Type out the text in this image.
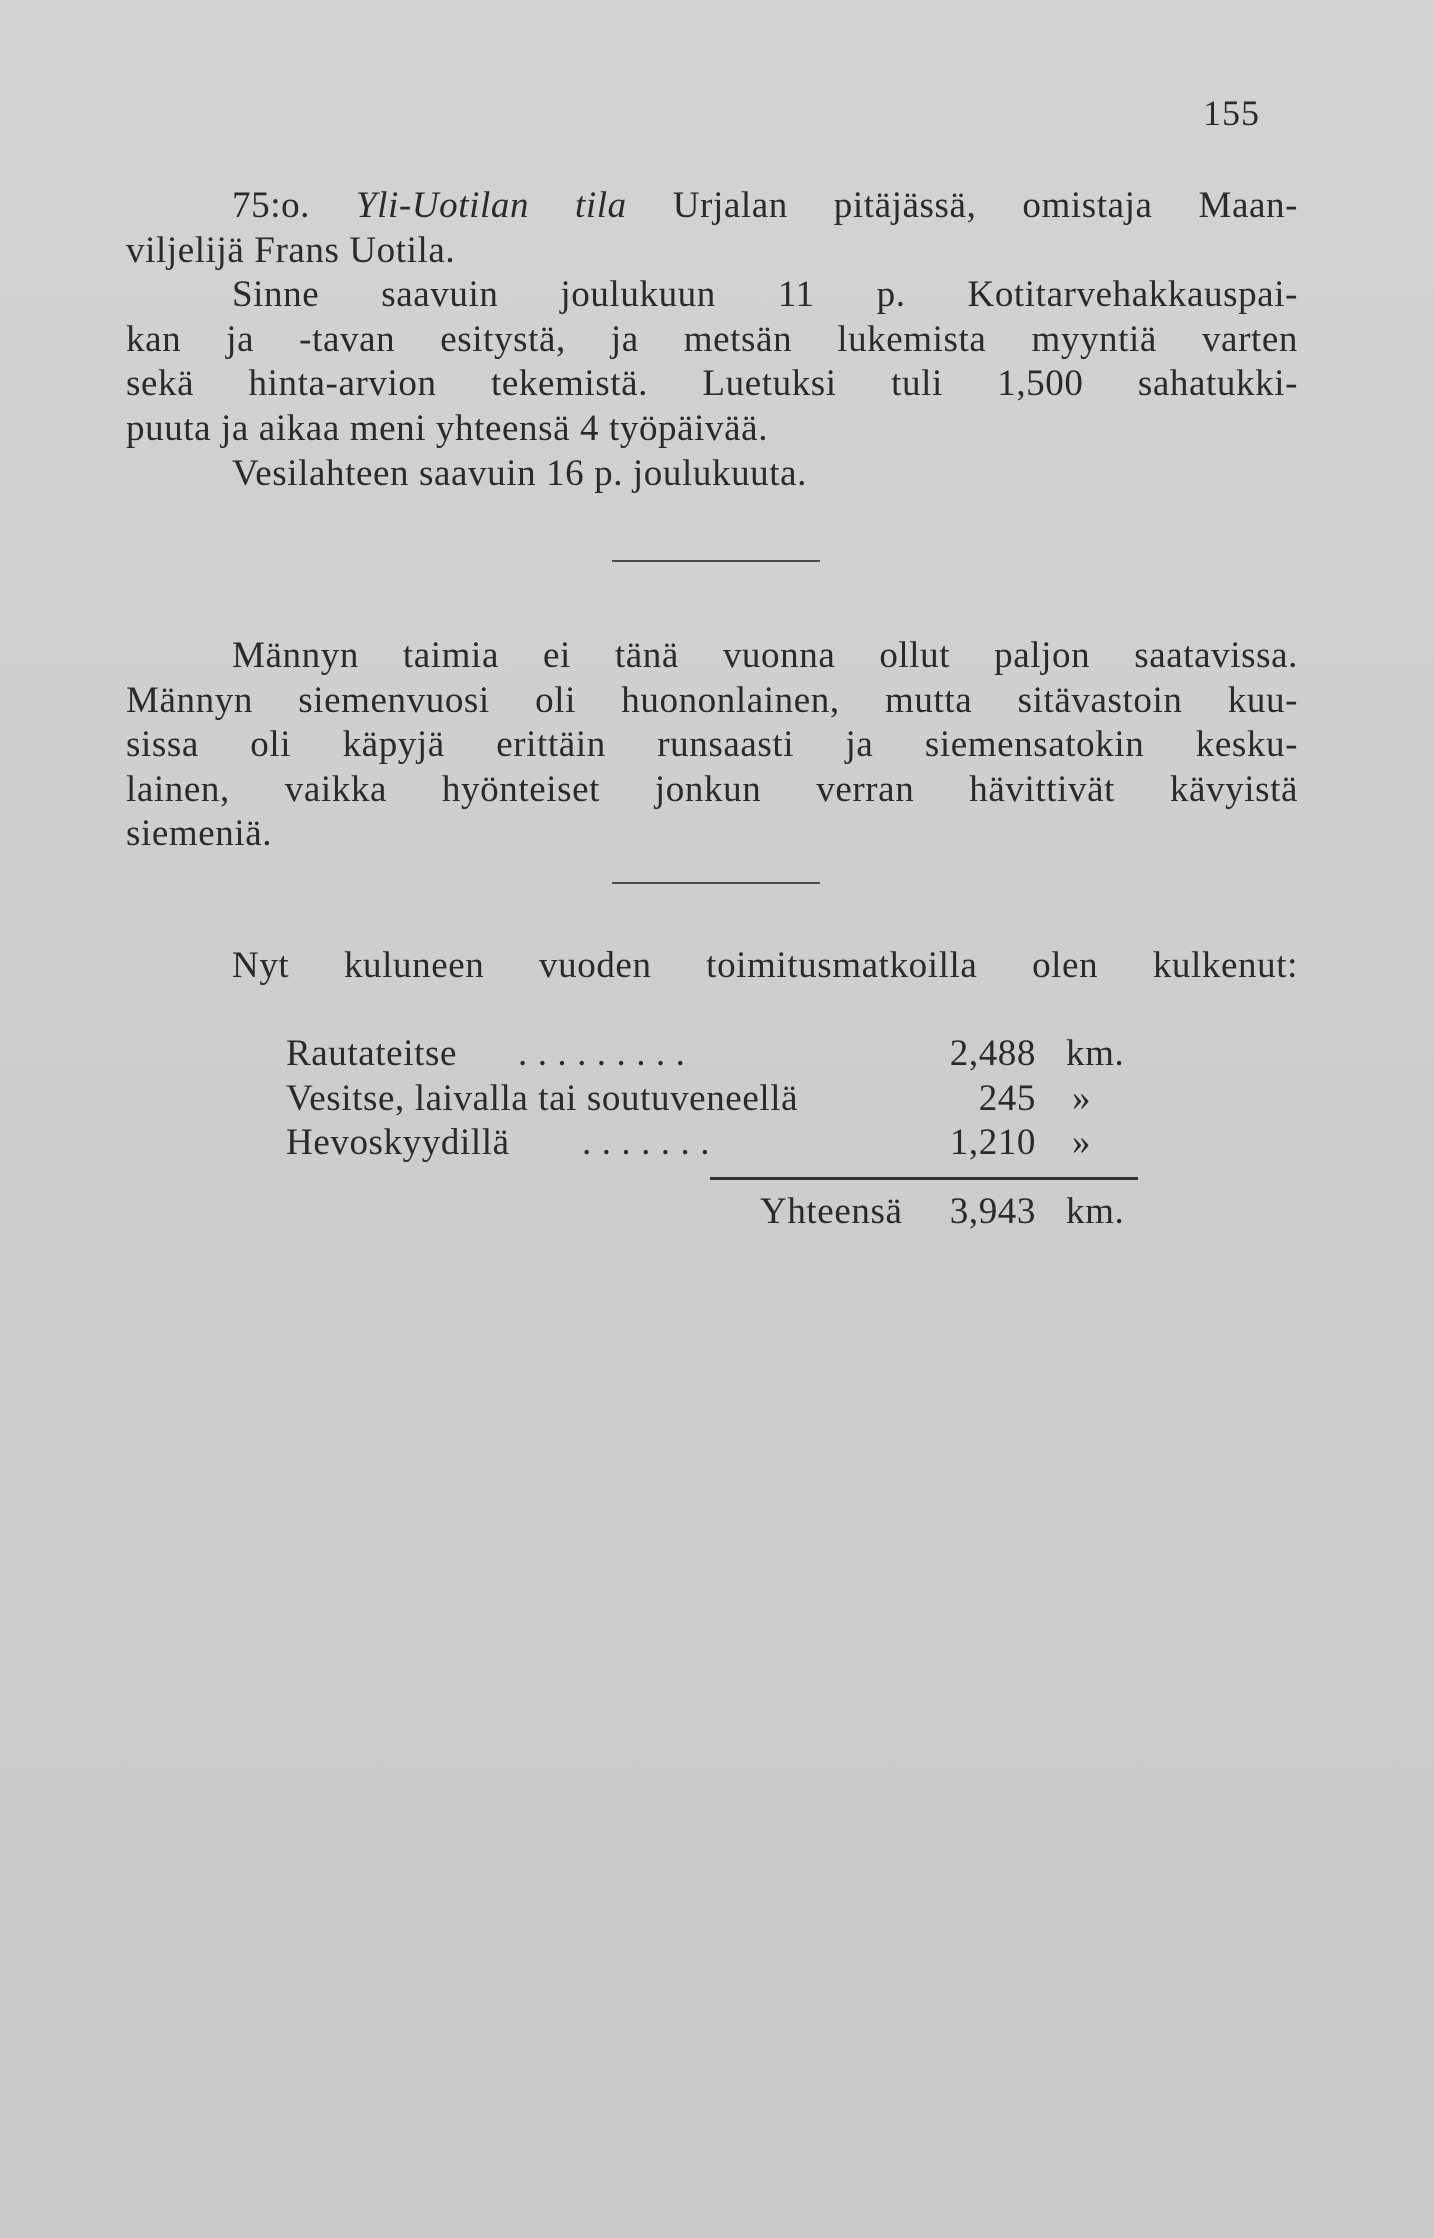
155

75:o. Yli-Uotilan tila Urjalan pitäjässä, omistaja Maan-

viljelijä Frans Uotila.

Sinne saavuin joulukuun 11 p. Kotitarvehakkauspai-

kan ja -tavan esitystä, ja metsän lukemista myyntiä varten

sekä hinta-arvion tekemistä. Luetuksi tuli 1,500 sahatukki-

puuta ja aikaa meni yhteensä 4 työpäivää.

Vesilahteen saavuin 16 p. joulukuuta.

Männyn taimia ei tänä vuonna ollut paljon saatavissa.

Männyn siemenvuosi oli huononlainen, mutta sitävastoin kuu-

sissa oli käpyjä erittäin runsaasti ja siemensatokin kesku-

lainen, vaikka hyönteiset jonkun verran hävittivät kävyistä

siemeniä.

Nyt kuluneen vuoden toimitusmatkoilla olen kulkenut:

Rautateitse . . . . . . . . .	2,488 km.
Vesitse, laivalla tai soutuveneellä	245 »
Hevoskyydillä . . . . . . .	1,210 »
Yhteensä 3,943 km.
